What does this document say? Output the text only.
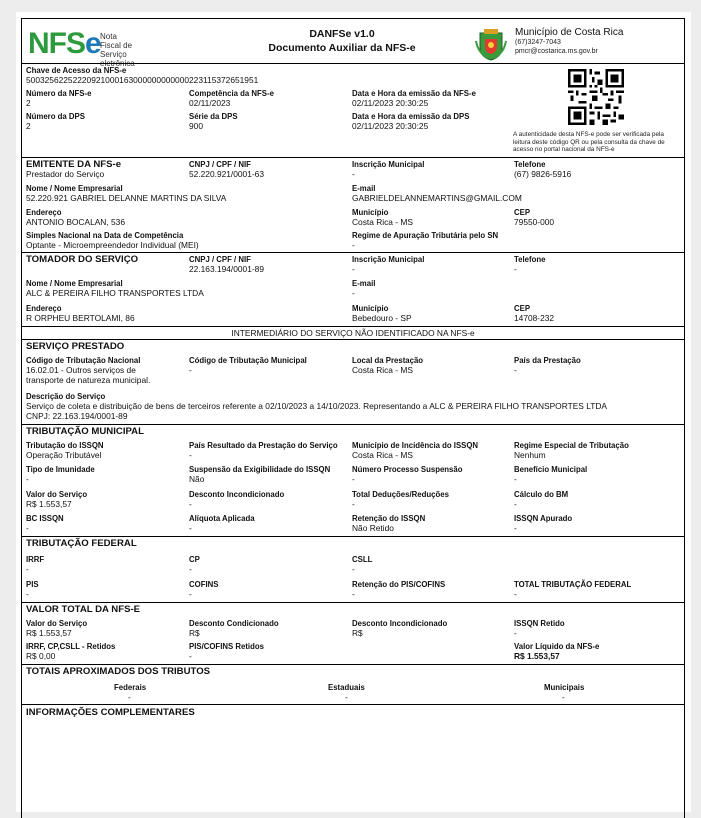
NFSe
Nota Fiscal de
Serviço eletrônica
DANFSe v1.0
Documento Auxiliar da NFS-e
Município de Costa Rica
(67)3247-7043
pmcr@costarica.ms.gov.br
Chave de Acesso da NFS-e
50032562252220921000163000000000000223115372651951
Número da NFS-e
2
Competência da NFS-e
02/11/2023
Data e Hora da emissão da NFS-e
02/11/2023 20:30:25
Número da DPS
2
Série da DPS
900
Data e Hora da emissão da DPS
02/11/2023 20:30:25
A autenticidade desta NFS-e pode ser verificada pela leitura deste código QR ou pela consulta da chave de acesso no portal nacional da NFS-e
EMITENTE DA NFS-e
Prestador do Serviço
CNPJ / CPF / NIF
52.220.921/0001-63
Inscrição Municipal
-
Telefone
(67) 9826-5916
Nome / Nome Empresarial
52.220.921 GABRIEL DELANNE MARTINS DA SILVA
E-mail
GABRIELDELANNEMARTINS@GMAIL.COM
Endereço
ANTONIO BOCALAN, 536
Município
Costa Rica - MS
CEP
79550-000
Simples Nacional na Data de Competência
Optante - Microempreendedor Individual (MEI)
Regime de Apuração Tributária pelo SN
-
TOMADOR DO SERVIÇO	CNPJ / CPF / NIF
22.163.194/0001-89
Inscrição Municipal
-
Telefone
-
Nome / Nome Empresarial
ALC & PEREIRA FILHO TRANSPORTES LTDA
E-mail
-
Endereço
R ORPHEU BERTOLAMI, 86
Município
Bebedouro - SP
CEP
14708-232
INTERMEDIÁRIO DO SERVIÇO NÃO IDENTIFICADO NA NFS-e
SERVIÇO PRESTADO
Código de Tributação Nacional
16.02.01 - Outros serviços de
transporte de natureza municipal.
Código de Tributação Municipal
-
Local da Prestação
Costa Rica - MS
País da Prestação
-
Descrição do Serviço
Serviço de coleta e distribuição de bens de terceiros referente a 02/10/2023 a 14/10/2023. Representando a ALC & PEREIRA FILHO TRANSPORTES LTDA
CNPJ: 22.163.194/0001-89
TRIBUTAÇÃO MUNICIPAL
Tributação do ISSQN
Operação Tributável
País Resultado da Prestação do Serviço
-
Município de Incidência do ISSQN
Costa Rica - MS
Regime Especial de Tributação
Nenhum
Tipo de Imunidade
-
Suspensão da Exigibilidade do ISSQN
Não
Número Processo Suspensão
-
Benefício Municipal
-
Valor do Serviço
R$ 1.553,57
Desconto Incondicionado
-
Total Deduções/Reduções
-
Cálculo do BM
-
BC ISSQN
-
Alíquota Aplicada
-
Retenção do ISSQN
Não Retido
ISSQN Apurado
-
TRIBUTAÇÃO FEDERAL
IRRF
-
CP
-
CSLL
-
PIS
-
COFINS
-
Retenção do PIS/COFINS
-
TOTAL TRIBUTAÇÃO FEDERAL
-
VALOR TOTAL DA NFS-E
Valor do Serviço
R$ 1.553,57
Desconto Condicionado
R$
Desconto Incondicionado
R$
ISSQN Retido
-
IRRF, CP,CSLL - Retidos
R$ 0,00
PIS/COFINS Retidos
-
Valor Líquido da NFS-e
R$ 1.553,57
TOTAIS APROXIMADOS DOS TRIBUTOS
Federais
-
Estaduais
-
Municipais
-
INFORMAÇÕES COMPLEMENTARES
